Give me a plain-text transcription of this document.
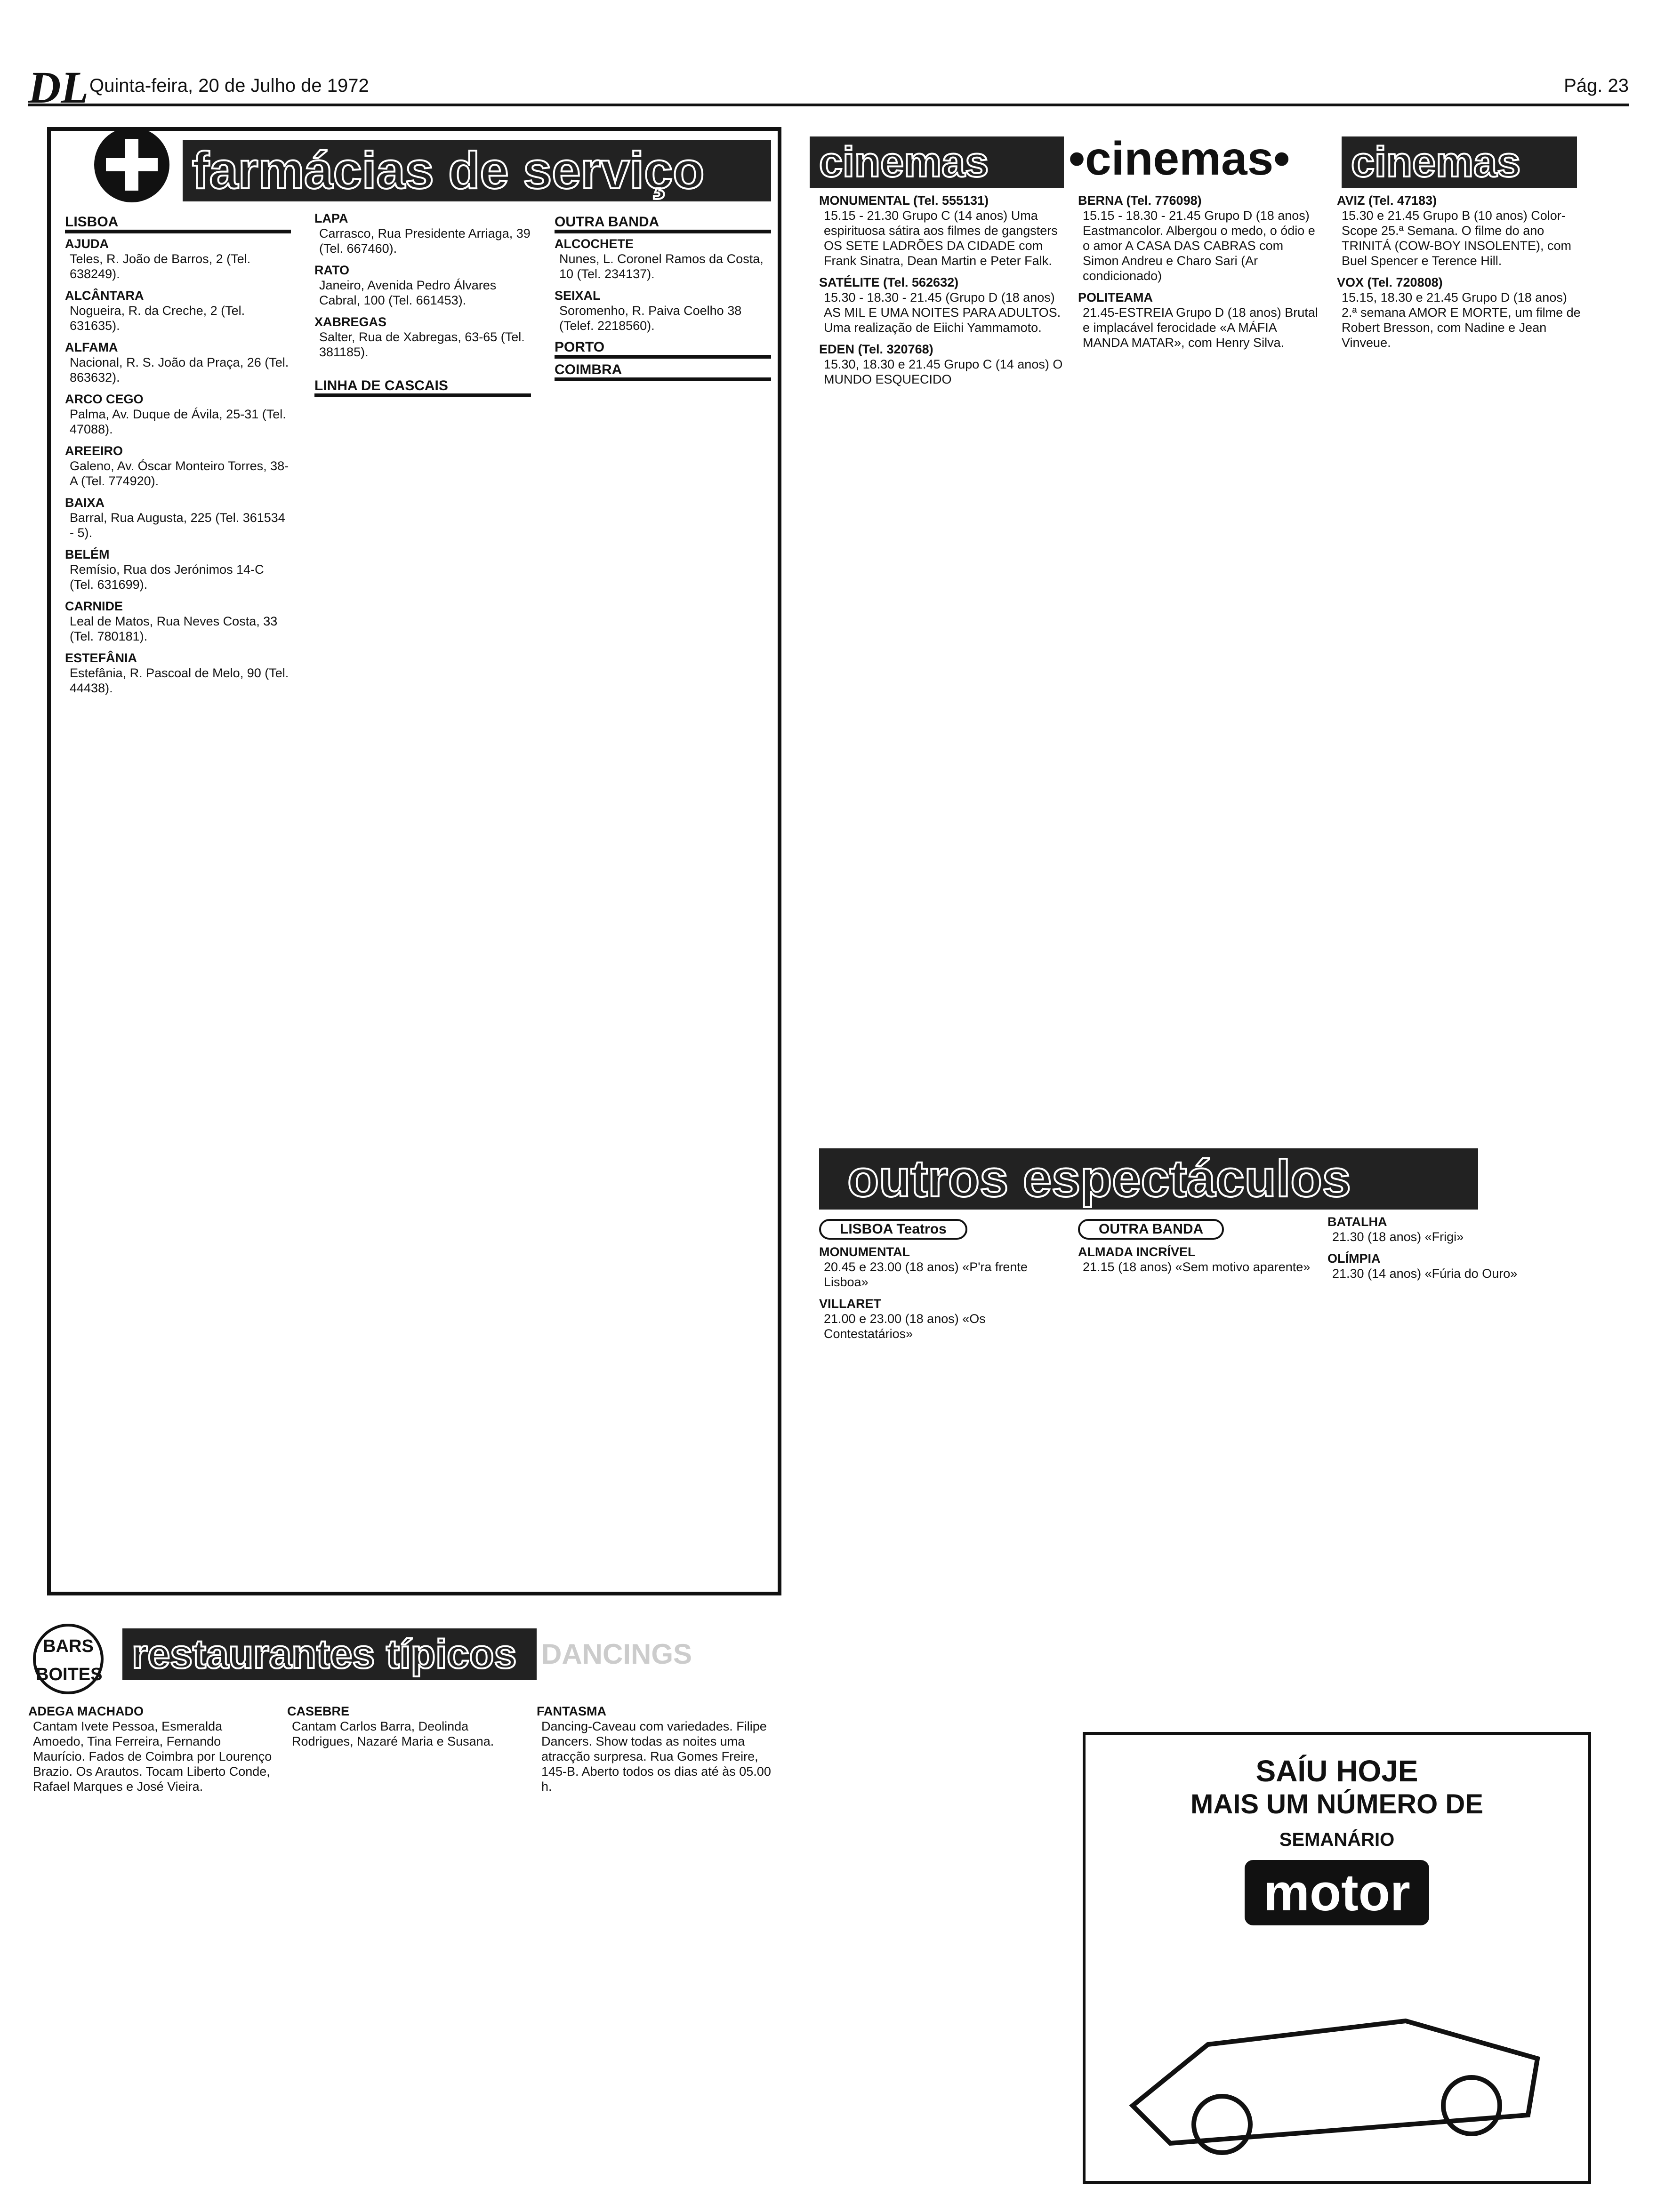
DL Quinta-feira, 20 de Julho de 1972	Pág. 23
farmácias de serviço
LISBOA
AJUDA
Teles, R. João de Barros, 2 (Tel. 638249).
ALCÂNTARA
Nogueira, R. da Creche, 2 (Tel. 631635).
ALFAMA
Nacional, R. S. João da Praça, 26 (Tel. 863632).
ARCO CEGO
Palma, Av. Duque de Ávila, 25-31 (Tel. 47088).
AREEIRO
Galeno, Av. Óscar Monteiro Torres, 38-A (Tel. 774920).
BAIXA
Barral, Rua Augusta, 225 (Tel. 361534 - 5).
BELÉM
Remísio, Rua dos Jerónimos 14-C (Tel. 631699).
CARNIDE
Leal de Matos, Rua Neves Costa, 33 (Tel. 780181).
ESTEFÂNIA
Estefânia, R. Pascoal de Melo, 90 (Tel. 44438).
LAPA
Carrasco, Rua Presidente Arriaga, 39 (Tel. 667460).
RATO
Janeiro, Avenida Pedro Álvares Cabral, 100 (Tel. 661453).
XABREGAS
Salter, Rua de Xabregas, 63-65 (Tel. 381185).
LINHA DE CASCAIS
OUTRA BANDA
ALCOCHETE
Nunes, L. Coronel Ramos da Costa, 10 (Tel. 234137).
SEIXAL
Soromenho, R. Paiva Coelho 38 (Telef. 2218560).
PORTO
COIMBRA
cinemas	•cinemas•	cinemas
MONUMENTAL (Tel. 555131)
15.15 - 21.30 Grupo C (14 anos) Uma espirituosa sátira aos filmes de gangsters OS SETE LADRÕES DA CIDADE com Frank Sinatra, Dean Martin e Peter Falk.
SATÉLITE (Tel. 562632)
15.30 - 18.30 - 21.45 (Grupo D (18 anos) AS MIL E UMA NOITES PARA ADULTOS. Uma realização de Eiichi Yammamoto.
EDEN (Tel. 320768)
15.30, 18.30 e 21.45 Grupo C (14 anos) O MUNDO ESQUECIDO
BERNA (Tel. 776098)
15.15 - 18.30 - 21.45 Grupo D (18 anos) Eastmancolor. Albergou o medo, o ódio e o amor A CASA DAS CABRAS com Simon Andreu e Charo Sari (Ar condicionado)
POLITEAMA
21.45-ESTREIA Grupo D (18 anos) Brutal e implacável ferocidade «A MÁFIA MANDA MATAR», com Henry Silva.
AVIZ (Tel. 47183)
15.30 e 21.45 Grupo B (10 anos) Color-Scope 25.ª Semana. O filme do ano TRINITÁ (COW-BOY INSOLENTE), com Buel Spencer e Terence Hill.
VOX (Tel. 720808)
15.15, 18.30 e 21.45 Grupo D (18 anos) 2.ª semana AMOR E MORTE, um filme de Robert Bresson, com Nadine e Jean Vinveue.
outros espectáculos
LISBOA Teatros
MONUMENTAL
20.45 e 23.00 (18 anos) «P'ra frente Lisboa»
VILLARET
21.00 e 23.00 (18 anos) «Os Contestatários»
OUTRA BANDA
ALMADA INCRÍVEL
21.15 (18 anos) «Sem motivo aparente»
BATALHA
21.30 (18 anos) «Frigi»
OLÍMPIA
21.30 (14 anos) «Fúria do Ouro»
BARS BOITES restaurantes típicos DANCINGS
ADEGA MACHADO
Cantam Ivete Pessoa, Esmeralda Amoedo, Tina Ferreira, Fernando Maurício. Fados de Coimbra por Lourenço Brazio. Os Arautos. Tocam Liberto Conde, Rafael Marques e José Vieira.
CASEBRE
Cantam Carlos Barra, Deolinda Rodrigues, Nazaré Maria e Susana.
FANTASMA
Dancing-Caveau com variedades. Filipe Dancers. Show todas as noites uma atracção surpresa. Rua Gomes Freire, 145-B. Aberto todos os dias até às 05.00 h.	SAÍU HOJE
MAIS UM NÚMERO DE
SEMANÁRIO
motor
